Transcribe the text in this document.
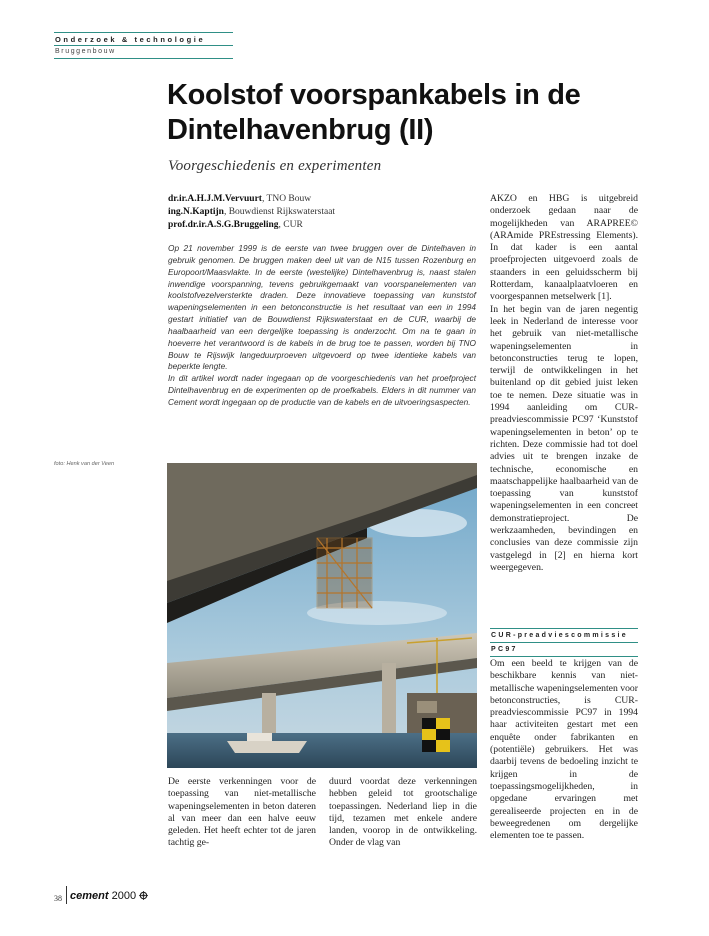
Onderzoek & technologie
Bruggenbouw
Koolstof voorspankabels in de
Dintelhavenbrug (II)
Voorgeschiedenis en experimenten
dr.ir.A.H.J.M.Vervuurt, TNO Bouw
ing.N.Kaptijn, Bouwdienst Rijkswaterstaat
prof.dr.ir.A.S.G.Bruggeling, CUR

Op 21 november 1999 is de eerste van twee bruggen over de Dintelhaven in gebruik genomen. De bruggen maken deel uit van de N15 tussen Rozenburg en Europoort/Maasvlakte. In de eerste (westelijke) Dintelhavenbrug is, naast stalen inwendige voorspanning, tevens gebruikgemaakt van voorspanelementen van koolstofvezelversterkte draden. Deze innovatieve toepassing van kunststof wapeningselementen in een betonconstructie is het resultaat van een in 1994 gestart initiatief van de Bouwdienst Rijkswaterstaat en de CUR, waarbij de haalbaarheid van een dergelijke toepassing is onderzocht. Om na te gaan in hoeverre het verantwoord is de kabels in de brug toe te passen, worden bij TNO Bouw te Rijswijk langeduurproeven uitgevoerd op twee identieke kabels van beperkte lengte.

In dit artikel wordt nader ingegaan op de voorgeschiedenis van het proefproject Dintelhavenbrug en de experimenten op de proefkabels. Elders in dit nummer van Cement wordt ingegaan op de productie van de kabels en de uitvoeringsaspecten.

foto: Henk van der Veen

De eerste verkenningen voor de toepassing van niet-metallische wapeningselementen in beton dateren al van meer dan een halve eeuw geleden. Het heeft echter tot de jaren tachtig ge-

duurd voordat deze verkenningen hebben geleid tot grootschalige toepassingen. Nederland liep in die tijd, tezamen met enkele andere landen, voorop in de ontwikkeling. Onder de vlag van

AKZO en HBG is uitgebreid onderzoek gedaan naar de mogelijkheden van ARAPREE© (ARAmide PREstressing Elements). In dat kader is een aantal proefprojecten uitgevoerd zoals de staanders in een geluidsscherm bij Rotterdam, kanaalplaatvloeren en voorgespannen metselwerk [1].

In het begin van de jaren negentig leek in Nederland de interesse voor het gebruik van niet-metallische wapeningselementen in betonconstructies terug te lopen, terwijl de ontwikkelingen in het buitenland op dit gebied juist leken toe te nemen. Deze situatie was in 1994 aanleiding om CUR-preadviescommissie PC97 ‘Kunststof wapeningselementen in beton’ op te richten. Deze commissie had tot doel advies uit te brengen inzake de technische, economische en maatschappelijke haalbaarheid van de toepassing van kunststof wapeningselementen in een concreet demonstratieproject. De werkzaamheden, bevindingen en conclusies van deze commissie zijn vastgelegd in [2] en hierna kort weergegeven.

CUR-preadviescommissie
PC97

Om een beeld te krijgen van de beschikbare kennis van niet-metallische wapeningselementen voor betonconstructies, is CUR-preadviescommissie PC97 in 1994 haar activiteiten gestart met een enquête onder fabrikanten en (potentiële) gebruikers. Het was daarbij tevens de bedoeling inzicht te krijgen in de toepassingsmogelijkheden, in opgedane ervaringen met gerealiseerde projecten en in de beweegredenen om dergelijke elementen toe te passen.

38 cement 2000
